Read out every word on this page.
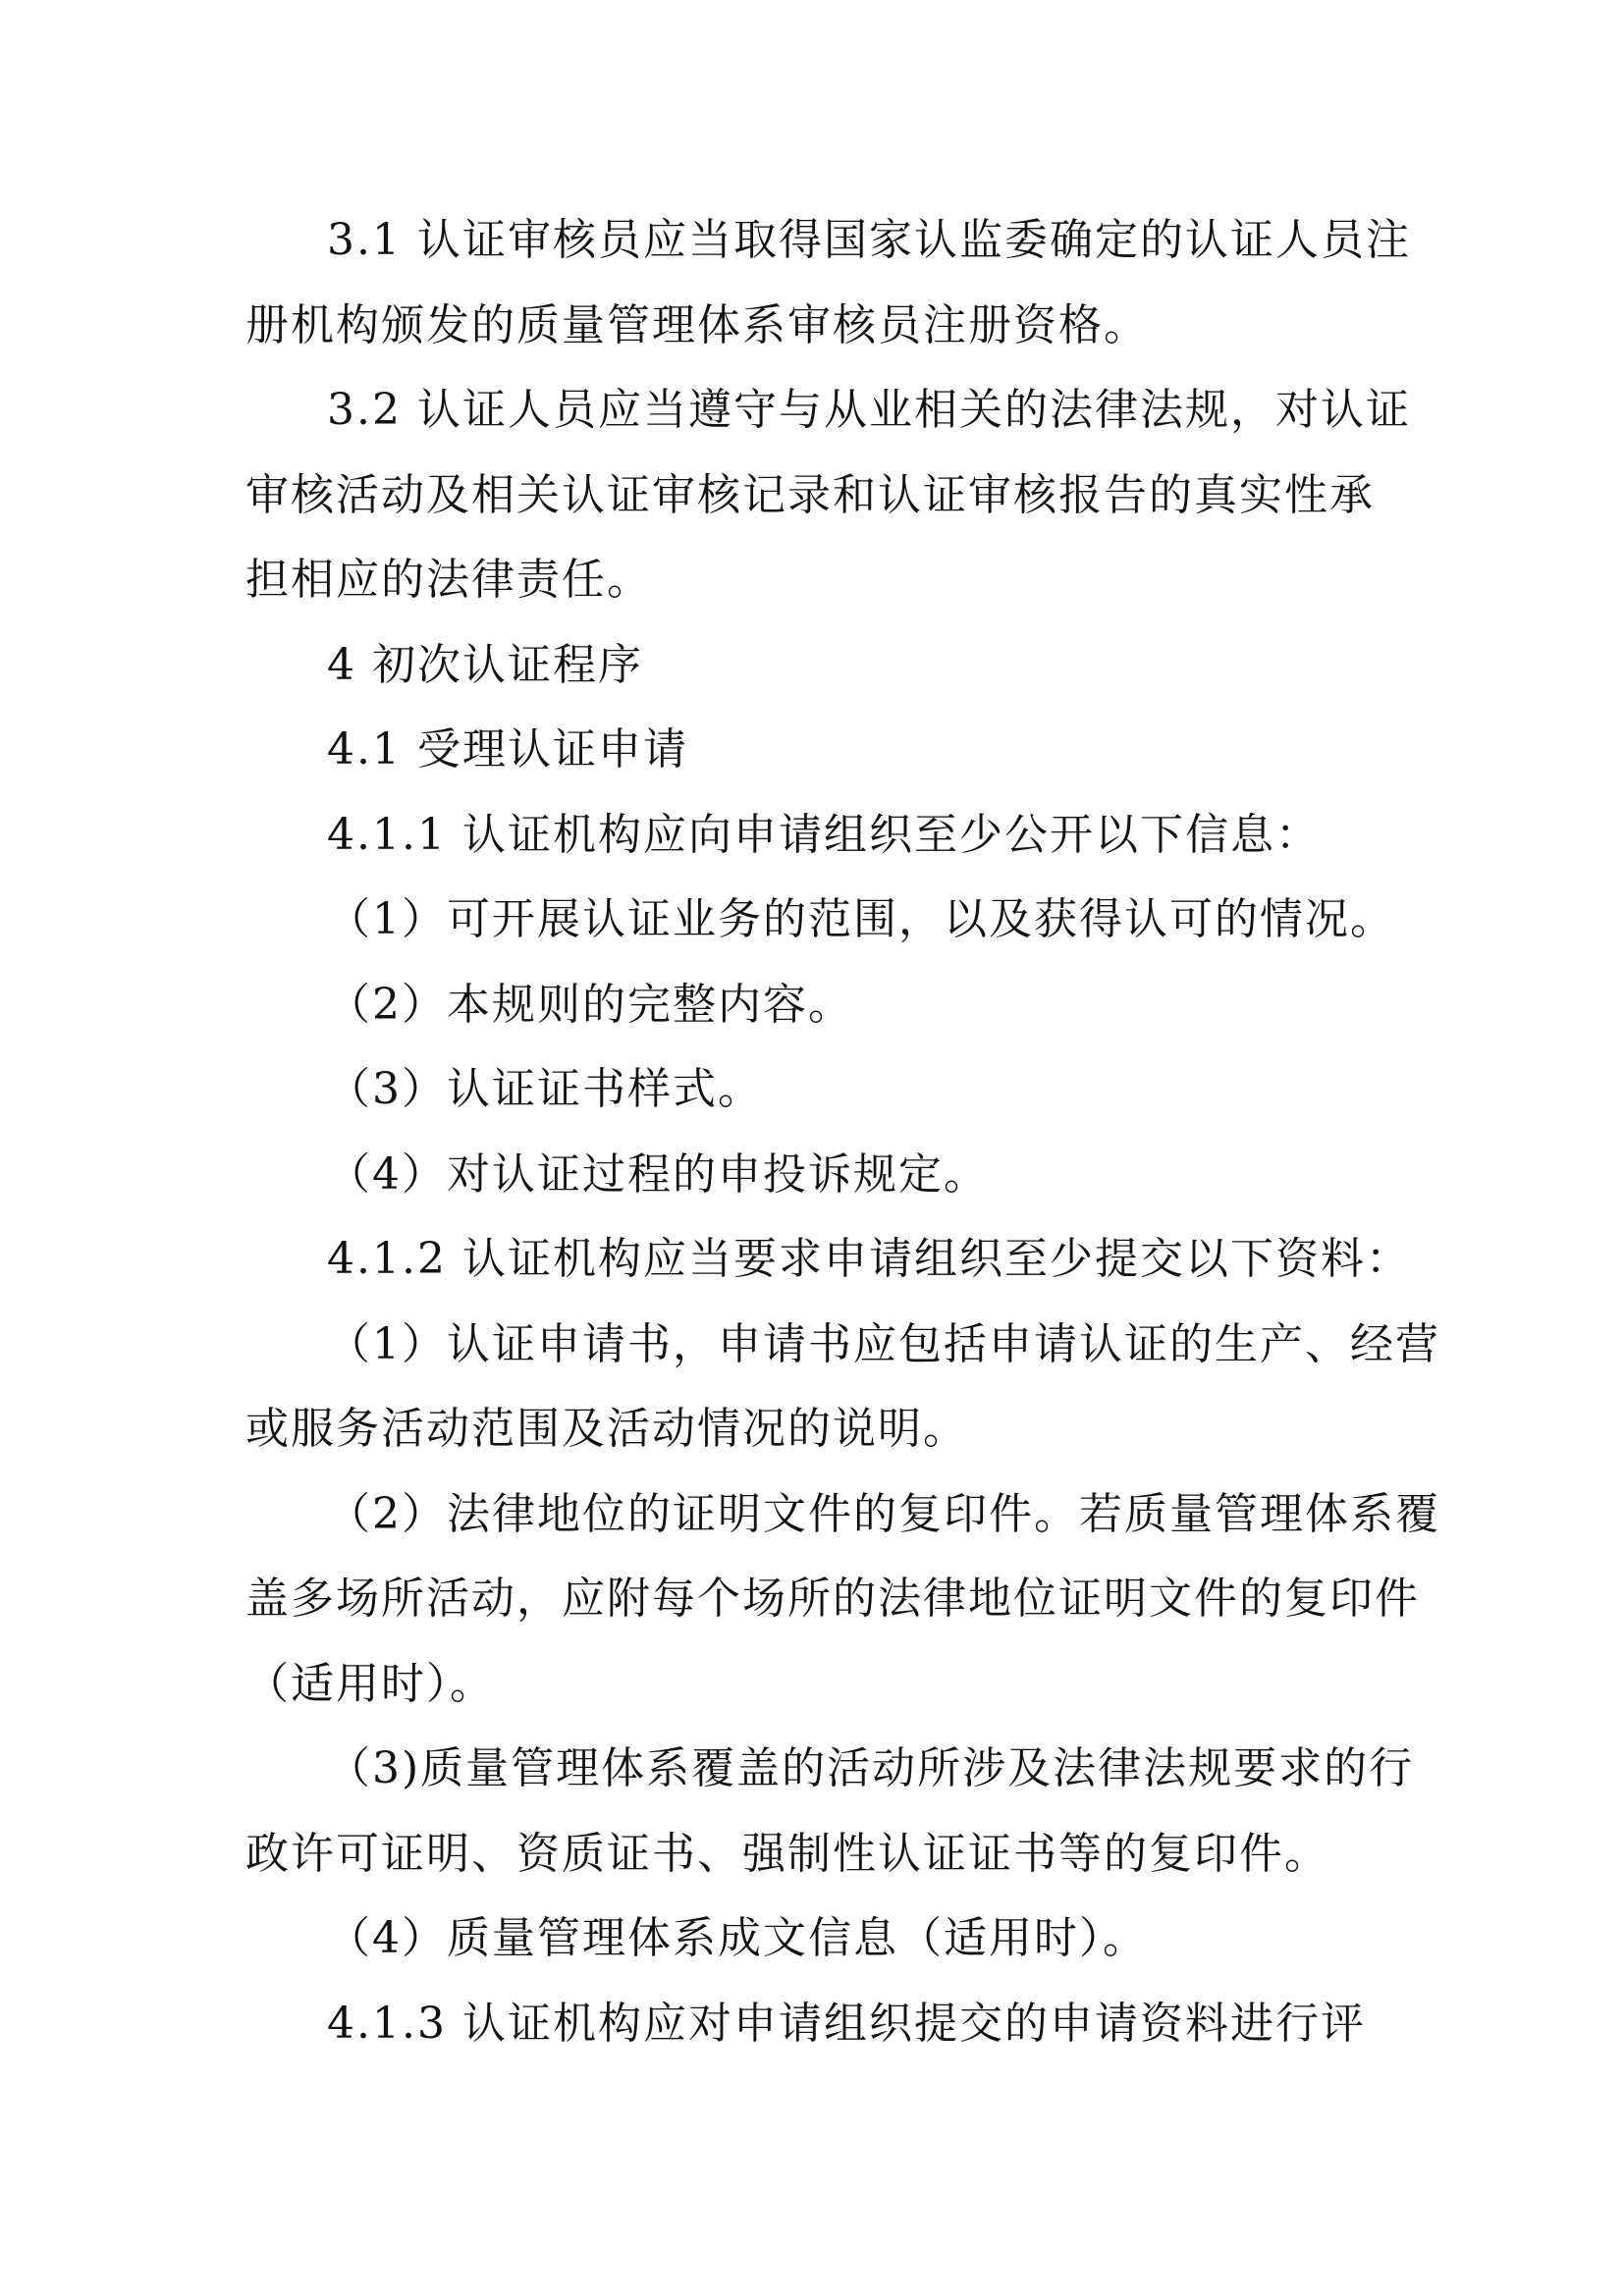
3.1 认证审核员应当取得国家认监委确定的认证人员注
册机构颁发的质量管理体系审核员注册资格。
3.2 认证人员应当遵守与从业相关的法律法规，对认证
审核活动及相关认证审核记录和认证审核报告的真实性承
担相应的法律责任。
4 初次认证程序
4.1 受理认证申请
4.1.1 认证机构应向申请组织至少公开以下信息：
（1）可开展认证业务的范围，以及获得认可的情况。
（2）本规则的完整内容。
（3）认证证书样式。
（4）对认证过程的申投诉规定。
4.1.2 认证机构应当要求申请组织至少提交以下资料：
（1）认证申请书，申请书应包括申请认证的生产、经营
或服务活动范围及活动情况的说明。
（2）法律地位的证明文件的复印件。若质量管理体系覆
盖多场所活动，应附每个场所的法律地位证明文件的复印件
（适用时）。
（3)质量管理体系覆盖的活动所涉及法律法规要求的行
政许可证明、资质证书、强制性认证证书等的复印件。
（4）质量管理体系成文信息（适用时）。
4.1.3 认证机构应对申请组织提交的申请资料进行评
